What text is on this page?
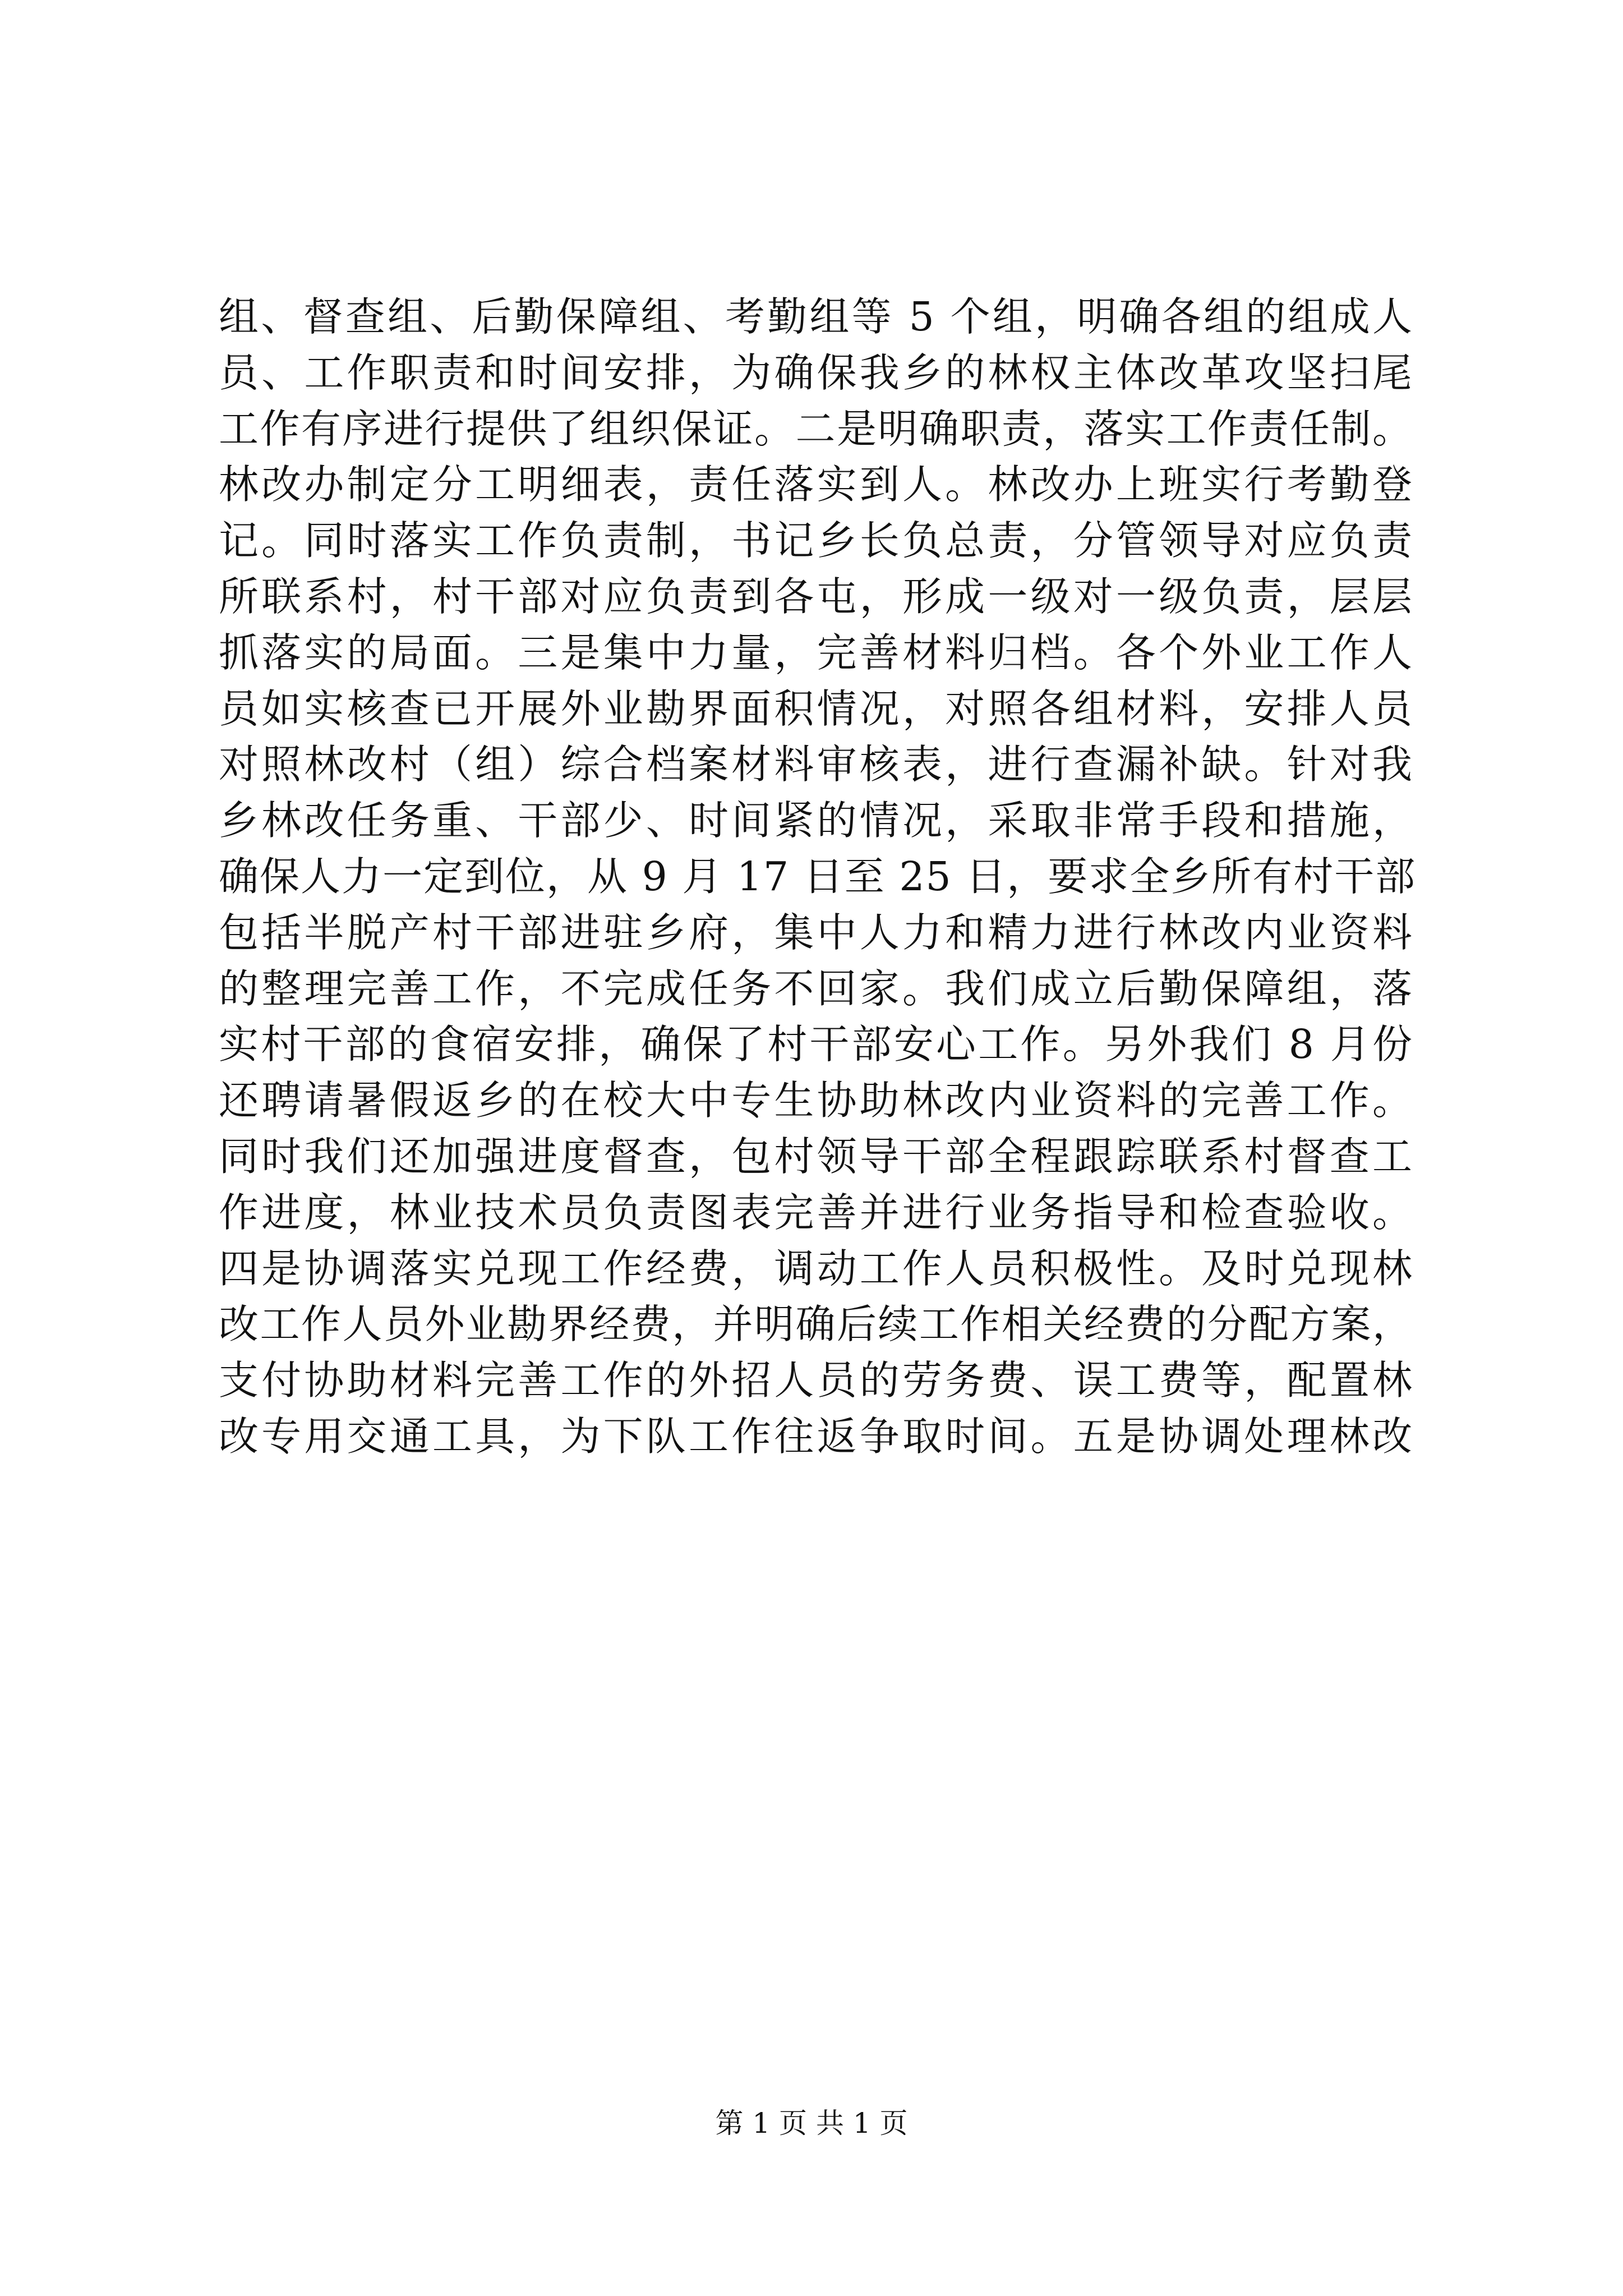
组、督查组、后勤保障组、考勤组等 5 个组，明确各组的组成人
员、工作职责和时间安排，为确保我乡的林权主体改革攻坚扫尾
工作有序进行提供了组织保证。二是明确职责，落实工作责任制。
林改办制定分工明细表，责任落实到人。林改办上班实行考勤登
记。同时落实工作负责制，书记乡长负总责，分管领导对应负责
所联系村，村干部对应负责到各屯，形成一级对一级负责，层层
抓落实的局面。三是集中力量，完善材料归档。各个外业工作人
员如实核查已开展外业勘界面积情况，对照各组材料，安排人员
对照林改村（组）综合档案材料审核表，进行查漏补缺。针对我
乡林改任务重、干部少、时间紧的情况，采取非常手段和措施，
确保人力一定到位，从 9 月 17 日至 25 日，要求全乡所有村干部
包括半脱产村干部进驻乡府，集中人力和精力进行林改内业资料
的整理完善工作，不完成任务不回家。我们成立后勤保障组，落
实村干部的食宿安排，确保了村干部安心工作。另外我们 8 月份
还聘请暑假返乡的在校大中专生协助林改内业资料的完善工作。
同时我们还加强进度督查，包村领导干部全程跟踪联系村督查工
作进度，林业技术员负责图表完善并进行业务指导和检查验收。
四是协调落实兑现工作经费，调动工作人员积极性。及时兑现林
改工作人员外业勘界经费，并明确后续工作相关经费的分配方案，
支付协助材料完善工作的外招人员的劳务费、误工费等，配置林
改专用交通工具，为下队工作往返争取时间。五是协调处理林改
第 1 页 共 1 页
